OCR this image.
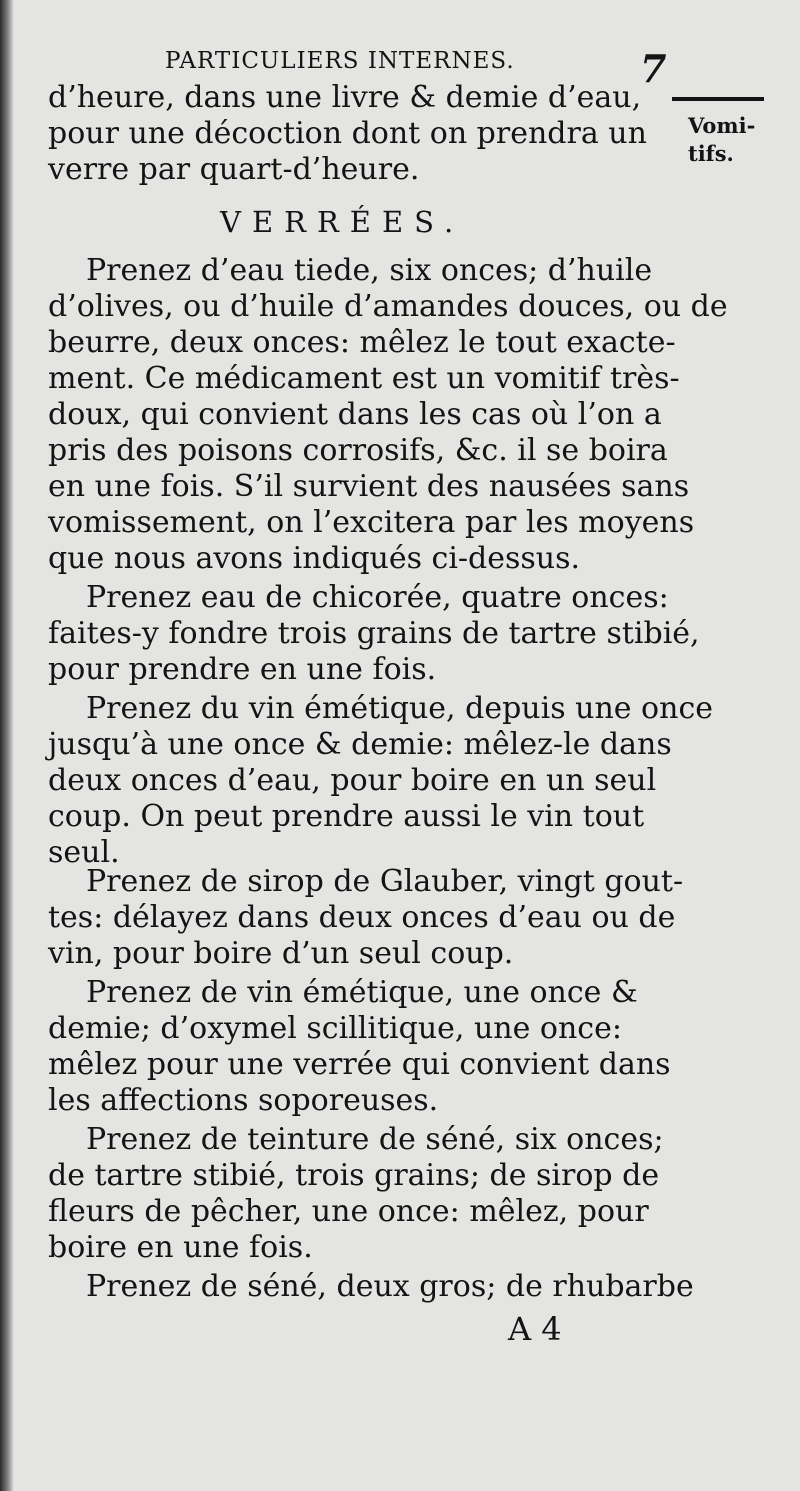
PARTICULIERS INTERNES.	7
Vomi-
tifs.
VERRÉES.
d’heure, dans une livre & demie d’eau,
pour une décoction dont on prendra un
verre par quart-d’heure.
Prenez d’eau tiede, six onces; d’huile
d’olives, ou d’huile d’amandes douces, ou de
beurre, deux onces: mêlez le tout exacte-
ment. Ce médicament est un vomitif très-
doux, qui convient dans les cas où l’on a
pris des poisons corrosifs, &c. il se boira
en une fois. S’il survient des nausées sans
vomissement, on l’excitera par les moyens
que nous avons indiqués ci-dessus.
Prenez eau de chicorée, quatre onces:
faites-y fondre trois grains de tartre stibié,
pour prendre en une fois.
Prenez du vin émétique, depuis une once
jusqu’à une once & demie: mêlez-le dans
deux onces d’eau, pour boire en un seul
coup. On peut prendre aussi le vin tout
seul.
Prenez de sirop de Glauber, vingt gout-
tes: délayez dans deux onces d’eau ou de
vin, pour boire d’un seul coup.
Prenez de vin émétique, une once &
demie; d’oxymel scillitique, une once:
mêlez pour une verrée qui convient dans
les affections soporeuses.
Prenez de teinture de séné, six onces;
de tartre stibié, trois grains; de sirop de
fleurs de pêcher, une once: mêlez, pour
boire en une fois.
Prenez de séné, deux gros; de rhubarbe
A 4
